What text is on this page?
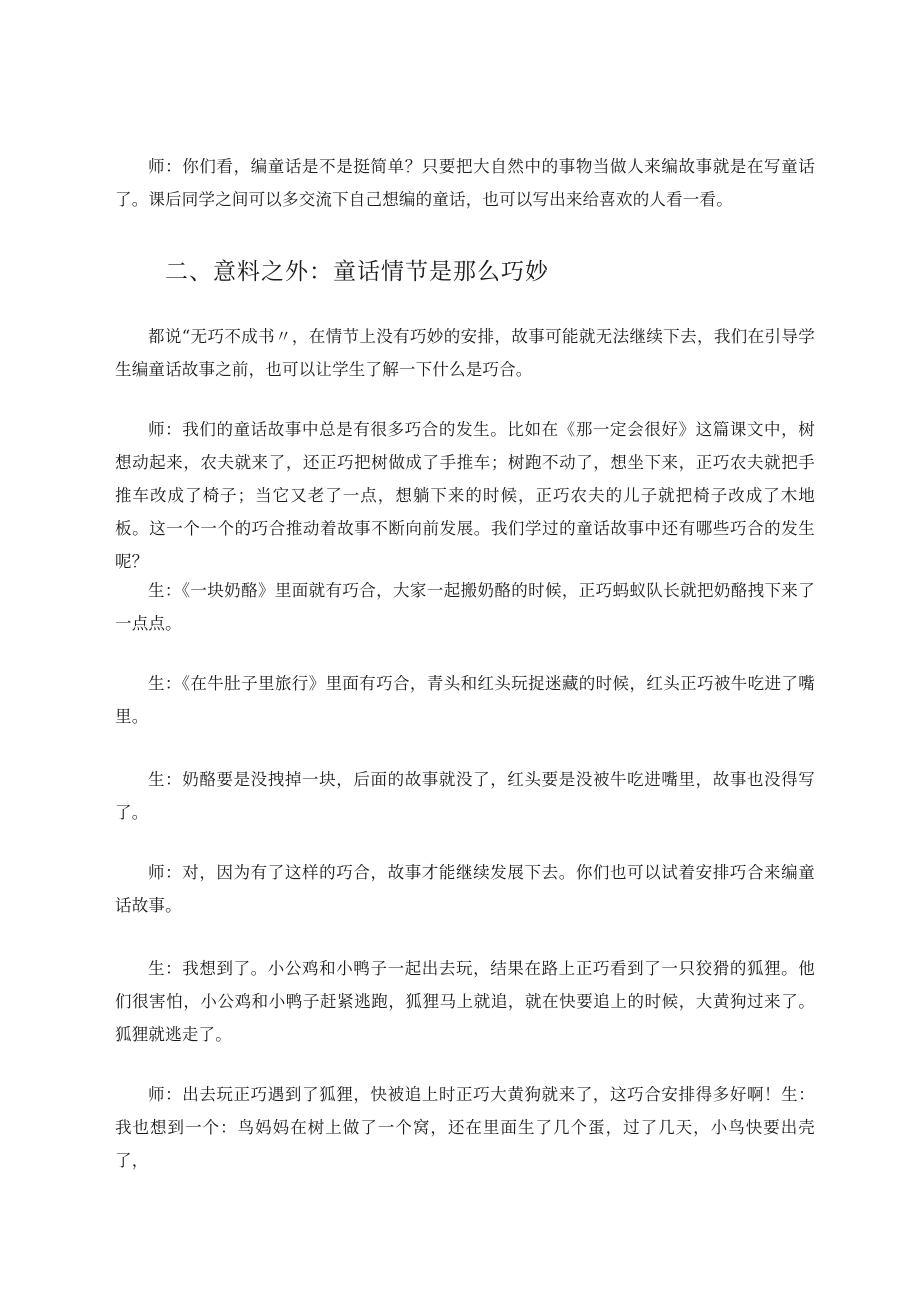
师：你们看，编童话是不是挺简单？只要把大自然中的事物当做人来编故事就是在写童话了。课后同学之间可以多交流下自己想编的童话，也可以写出来给喜欢的人看一看。

二、意料之外：童话情节是那么巧妙

都说“无巧不成书〃，在情节上没有巧妙的安排，故事可能就无法继续下去，我们在引导学生编童话故事之前，也可以让学生了解一下什么是巧合。

师：我们的童话故事中总是有很多巧合的发生。比如在《那一定会很好》这篇课文中，树想动起来，农夫就来了，还正巧把树做成了手推车；树跑不动了，想坐下来，正巧农夫就把手推车改成了椅子；当它又老了一点，想躺下来的时候，正巧农夫的儿子就把椅子改成了木地板。这一个一个的巧合推动着故事不断向前发展。我们学过的童话故事中还有哪些巧合的发生呢？

生：《一块奶酪》里面就有巧合，大家一起搬奶酪的时候，正巧蚂蚁队长就把奶酪拽下来了一点点。

生：《在牛肚子里旅行》里面有巧合，青头和红头玩捉迷藏的时候，红头正巧被牛吃进了嘴里。

生：奶酪要是没拽掉一块，后面的故事就没了，红头要是没被牛吃进嘴里，故事也没得写了。

师：对，因为有了这样的巧合，故事才能继续发展下去。你们也可以试着安排巧合来编童话故事。

生：我想到了。小公鸡和小鸭子一起出去玩，结果在路上正巧看到了一只狡猾的狐狸。他们很害怕，小公鸡和小鸭子赶紧逃跑，狐狸马上就追，就在快要追上的时候，大黄狗过来了。狐狸就逃走了。

师：出去玩正巧遇到了狐狸，快被追上时正巧大黄狗就来了，这巧合安排得多好啊！生：我也想到一个：鸟妈妈在树上做了一个窝，还在里面生了几个蛋，过了几天，小鸟快要出壳了，
